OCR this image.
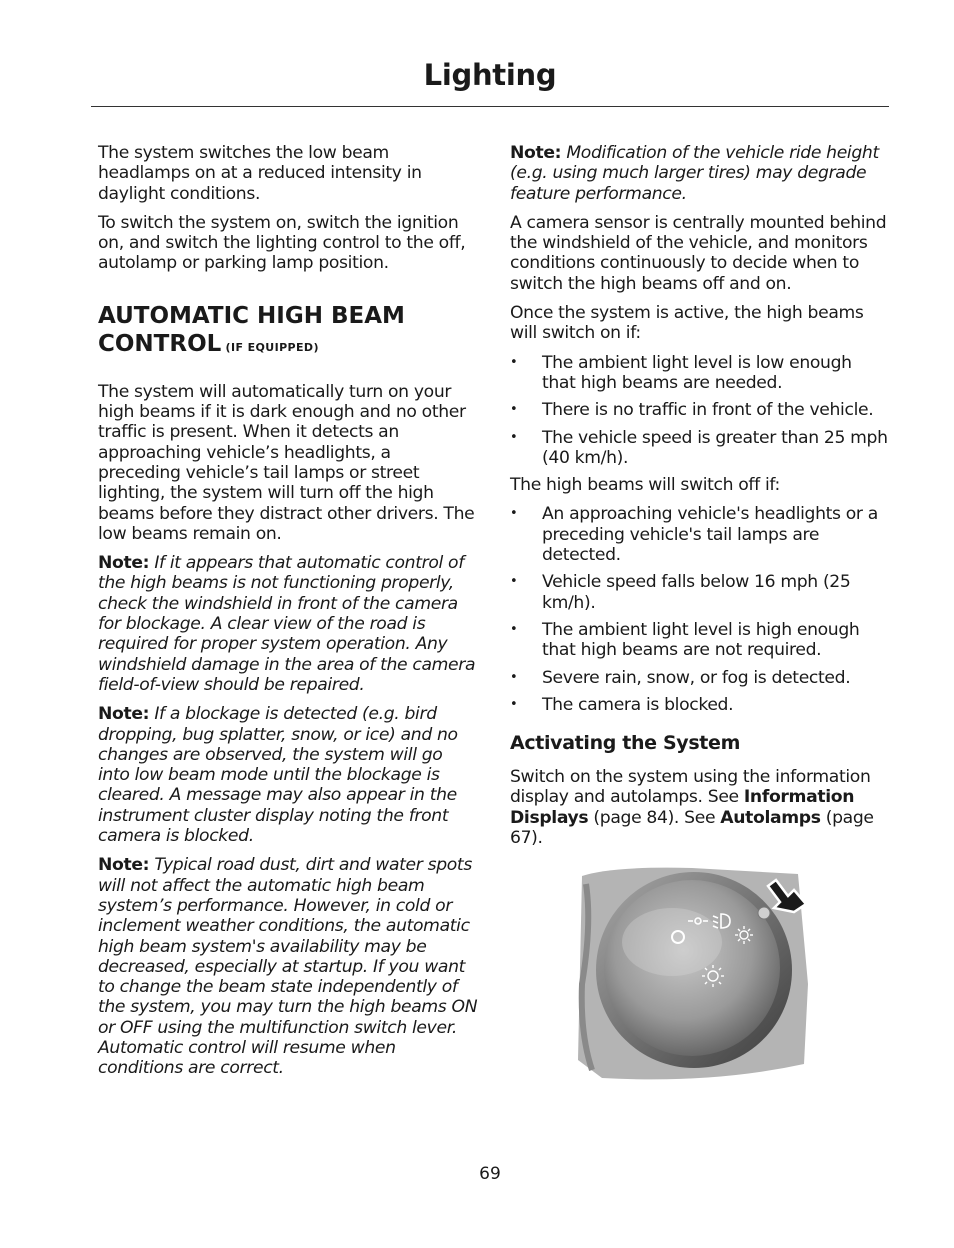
Lighting

The system switches the low beam headlamps on at a reduced intensity in daylight conditions.

To switch the system on, switch the ignition on, and switch the lighting control to the off, autolamp or parking lamp position.

AUTOMATIC HIGH BEAM
CONTROL (IF EQUIPPED)

The system will automatically turn on your high beams if it is dark enough and no other traffic is present. When it detects an approaching vehicle’s headlights, a preceding vehicle’s tail lamps or street lighting, the system will turn off the high beams before they distract other drivers. The low beams remain on.

Note: If it appears that automatic control of the high beams is not functioning properly, check the windshield in front of the camera for blockage. A clear view of the road is required for proper system operation. Any windshield damage in the area of the camera field-of-view should be repaired.

Note: If a blockage is detected (e.g. bird dropping, bug splatter, snow, or ice) and no changes are observed, the system will go into low beam mode until the blockage is cleared. A message may also appear in the instrument cluster display noting the front camera is blocked.

Note: Typical road dust, dirt and water spots will not affect the automatic high beam system’s performance. However, in cold or inclement weather conditions, the automatic high beam system's availability may be decreased, especially at startup. If you want to change the beam state independently of the system, you may turn the high beams ON or OFF using the multifunction switch lever. Automatic control will resume when conditions are correct.

Note: Modification of the vehicle ride height (e.g. using much larger tires) may degrade feature performance.

A camera sensor is centrally mounted behind the windshield of the vehicle, and monitors conditions continuously to decide when to switch the high beams off and on.

Once the system is active, the high beams will switch on if:

• The ambient light level is low enough that high beams are needed.
• There is no traffic in front of the vehicle.
• The vehicle speed is greater than 25 mph (40 km/h).

The high beams will switch off if:

• An approaching vehicle's headlights or a preceding vehicle's tail lamps are detected.
• Vehicle speed falls below 16 mph (25 km/h).
• The ambient light level is high enough that high beams are not required.
• Severe rain, snow, or fog is detected.
• The camera is blocked.
Activating the System

Switch on the system using the information display and autolamps. See Information Displays (page 84). See Autolamps (page 67).

69
